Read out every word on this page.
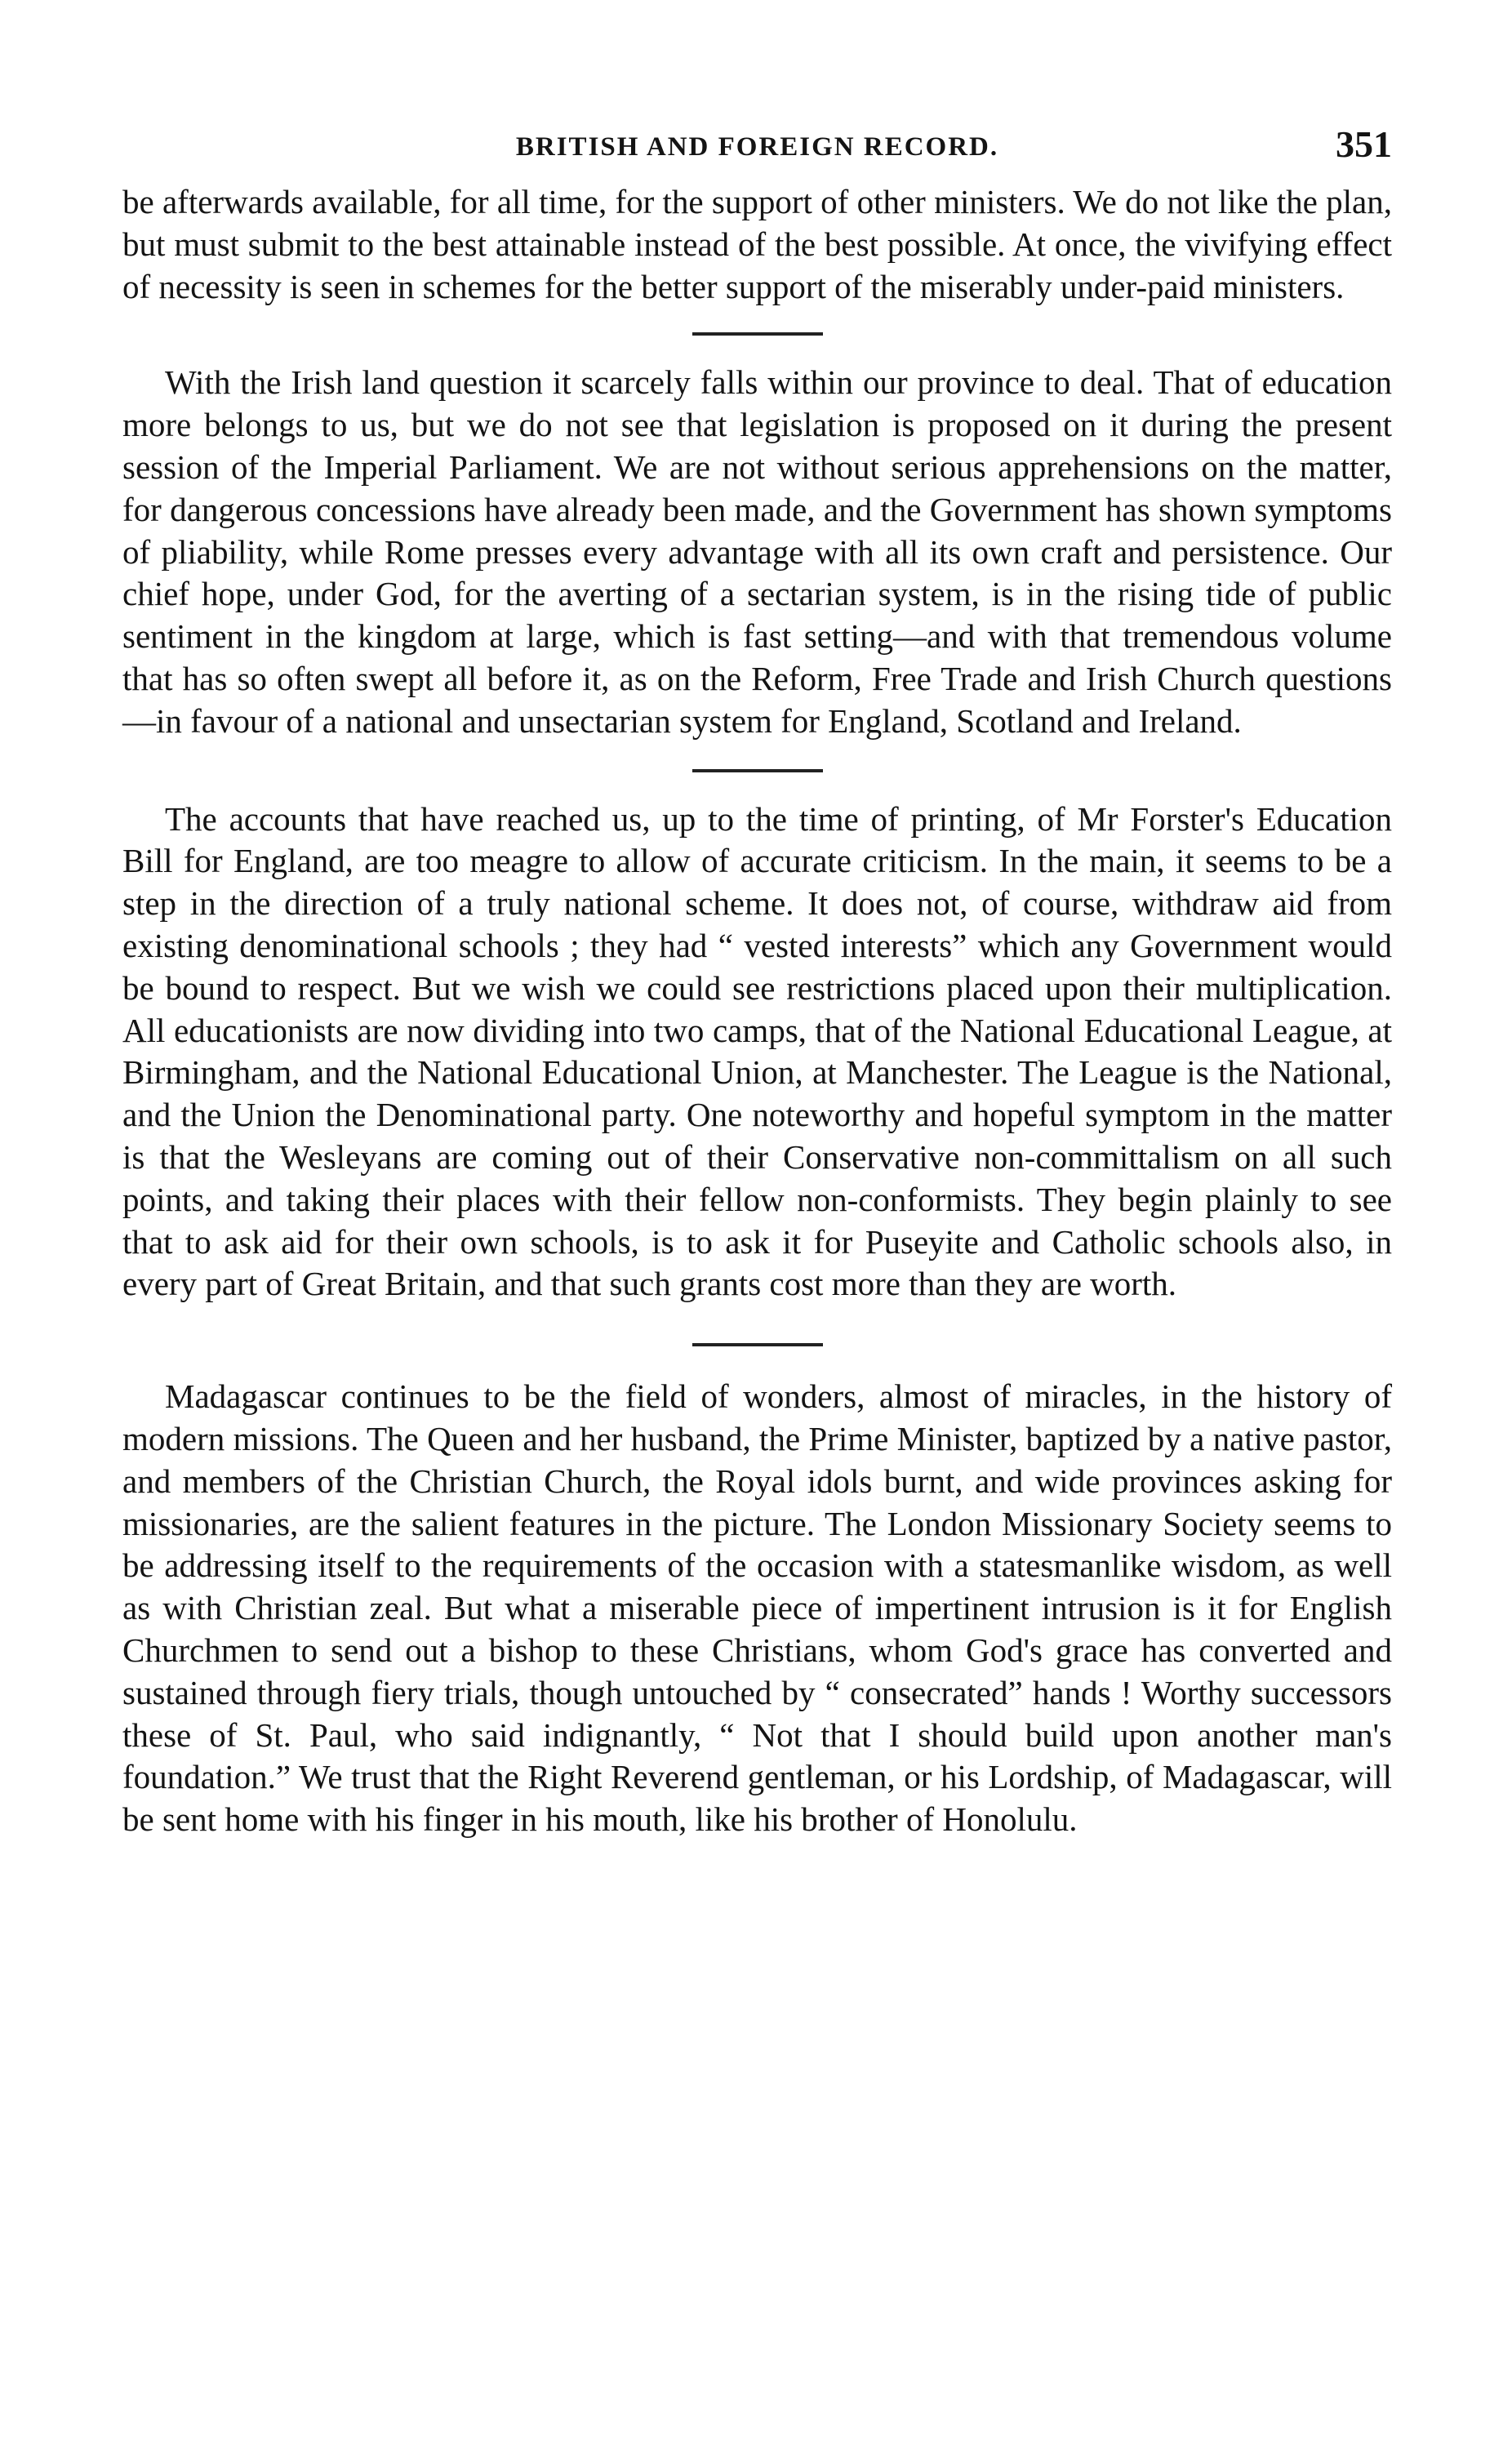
BRITISH AND FOREIGN RECORD.	351

be afterwards available, for all time, for the support of other ministers. We do not like the plan, but must submit to the best attainable instead of the best possible. At once, the vivifying effect of necessity is seen in schemes for the better support of the miserably under-paid ministers.

With the Irish land question it scarcely falls within our province to deal. That of education more belongs to us, but we do not see that legislation is proposed on it during the present session of the Imperial Parliament. We are not without serious apprehensions on the matter, for dangerous concessions have already been made, and the Government has shown symptoms of pliability, while Rome presses every advantage with all its own craft and persistence. Our chief hope, under God, for the averting of a sectarian system, is in the rising tide of public sentiment in the kingdom at large, which is fast setting—and with that tremendous volume that has so often swept all before it, as on the Reform, Free Trade and Irish Church questions—in favour of a national and unsectarian system for England, Scotland and Ireland.

The accounts that have reached us, up to the time of printing, of Mr Forster's Education Bill for England, are too meagre to allow of accurate criticism. In the main, it seems to be a step in the direction of a truly national scheme. It does not, of course, withdraw aid from existing denominational schools ; they had “ vested interests” which any Government would be bound to respect. But we wish we could see restrictions placed upon their multiplication. All educationists are now dividing into two camps, that of the National Educational League, at Birmingham, and the National Educational Union, at Manchester. The League is the National, and the Union the Denominational party. One noteworthy and hopeful symptom in the matter is that the Wesleyans are coming out of their Conservative non-committalism on all such points, and taking their places with their fellow non-conformists. They begin plainly to see that to ask aid for their own schools, is to ask it for Puseyite and Catholic schools also, in every part of Great Britain, and that such grants cost more than they are worth.

Madagascar continues to be the field of wonders, almost of miracles, in the history of modern missions. The Queen and her husband, the Prime Minister, baptized by a native pastor, and members of the Christian Church, the Royal idols burnt, and wide provinces asking for missionaries, are the salient features in the picture. The London Missionary Society seems to be addressing itself to the requirements of the occasion with a statesmanlike wisdom, as well as with Christian zeal. But what a miserable piece of impertinent intrusion is it for English Churchmen to send out a bishop to these Christians, whom God's grace has converted and sustained through fiery trials, though untouched by “ consecrated” hands ! Worthy successors these of St. Paul, who said indignantly, “ Not that I should build upon another man's foundation.” We trust that the Right Reverend gentleman, or his Lordship, of Madagascar, will be sent home with his finger in his mouth, like his brother of Honolulu.
